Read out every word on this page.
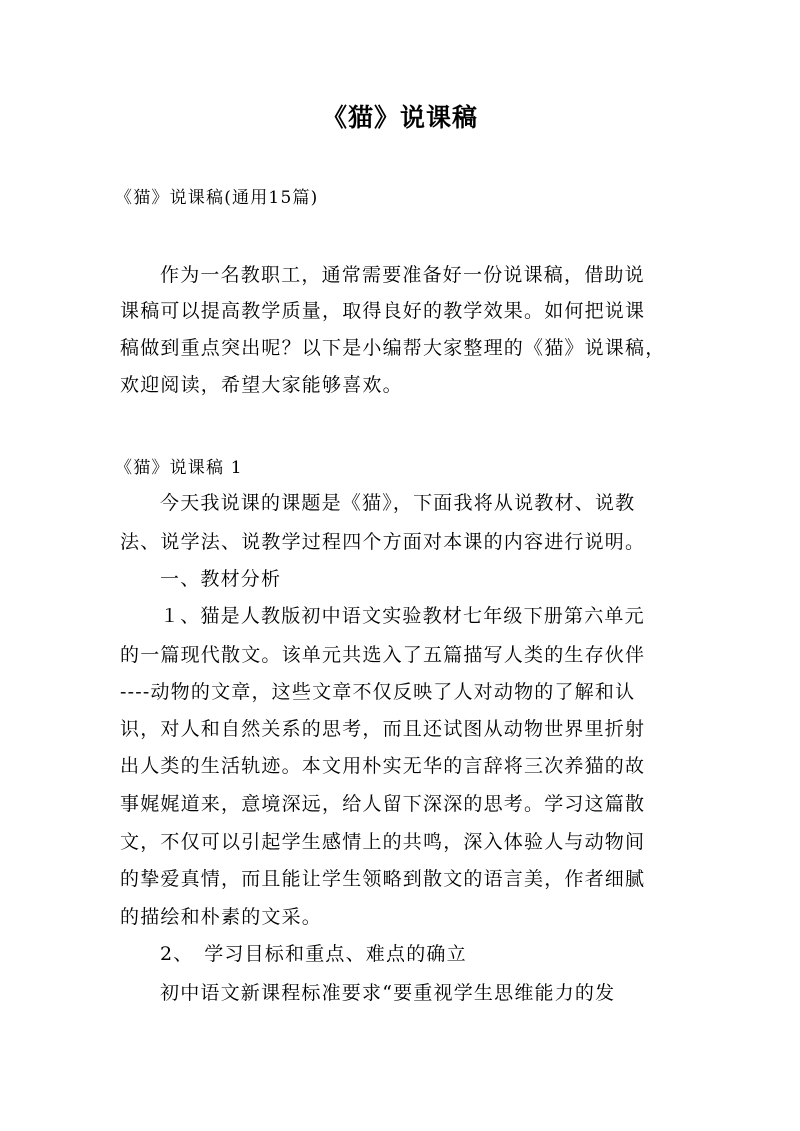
《猫》说课稿
《猫》说课稿(通用15篇)
作为一名教职工，通常需要准备好一份说课稿，借助说
课稿可以提高教学质量，取得良好的教学效果。如何把说课
稿做到重点突出呢？以下是小编帮大家整理的《猫》说课稿，
欢迎阅读，希望大家能够喜欢。
《猫》说课稿 1
今天我说课的课题是《猫》，下面我将从说教材、说教
法、说学法、说教学过程四个方面对本课的内容进行说明。
一、教材分析
１、猫是人教版初中语文实验教材七年级下册第六单元
的一篇现代散文。该单元共选入了五篇描写人类的生存伙伴
----动物的文章，这些文章不仅反映了人对动物的了解和认
识，对人和自然关系的思考，而且还试图从动物世界里折射
出人类的生活轨迹。本文用朴实无华的言辞将三次养猫的故
事娓娓道来，意境深远，给人留下深深的思考。学习这篇散
文，不仅可以引起学生感情上的共鸣，深入体验人与动物间
的挚爱真情，而且能让学生领略到散文的语言美，作者细腻
的描绘和朴素的文采。
2、　学习目标和重点、难点的确立
初中语文新课程标准要求“要重视学生思维能力的发
